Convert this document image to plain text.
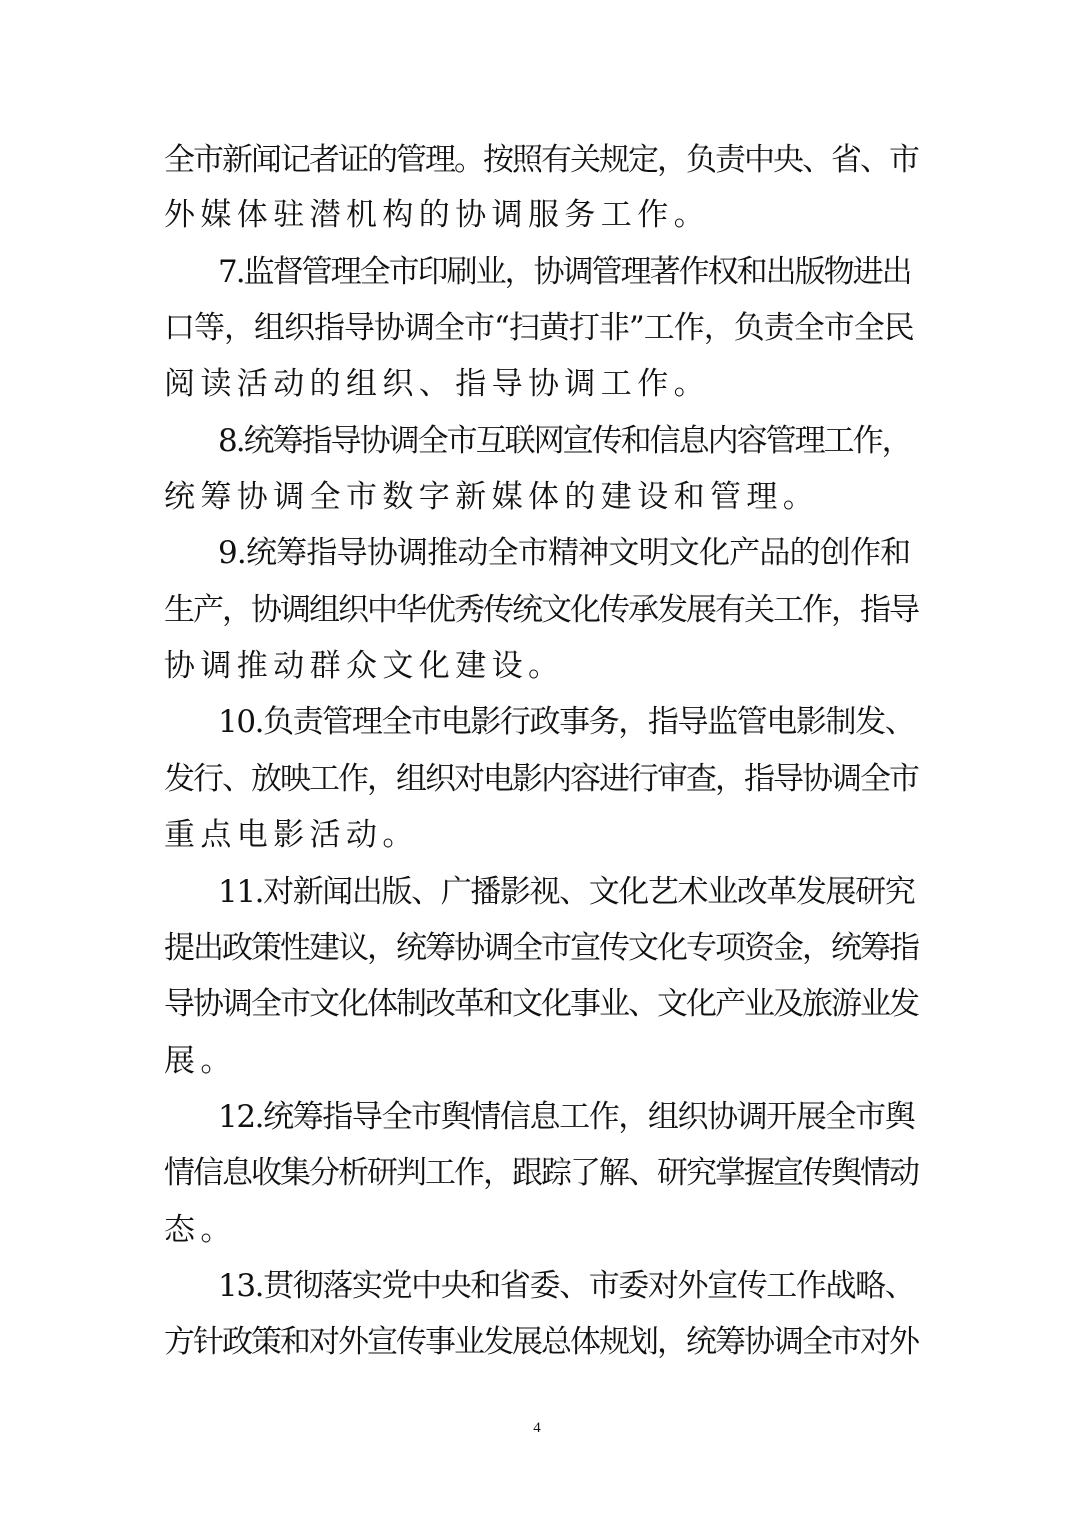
全市新闻记者证的管理。按照有关规定，负责中央、省、市
外媒体驻潜机构的协调服务工作。
7.监督管理全市印刷业，协调管理著作权和出版物进出
口等，组织指导协调全市“扫黄打非”工作，负责全市全民
阅读活动的组织、指导协调工作。
8.统筹指导协调全市互联网宣传和信息内容管理工作，
统筹协调全市数字新媒体的建设和管理。
9.统筹指导协调推动全市精神文明文化产品的创作和
生产，协调组织中华优秀传统文化传承发展有关工作，指导
协调推动群众文化建设。
10.负责管理全市电影行政事务，指导监管电影制发、
发行、放映工作，组织对电影内容进行审查，指导协调全市
重点电影活动。
11.对新闻出版、广播影视、文化艺术业改革发展研究
提出政策性建议，统筹协调全市宣传文化专项资金，统筹指
导协调全市文化体制改革和文化事业、文化产业及旅游业发
展。
12.统筹指导全市舆情信息工作，组织协调开展全市舆
情信息收集分析研判工作，跟踪了解、研究掌握宣传舆情动
态。
13.贯彻落实党中央和省委、市委对外宣传工作战略、
方针政策和对外宣传事业发展总体规划，统筹协调全市对外
4
